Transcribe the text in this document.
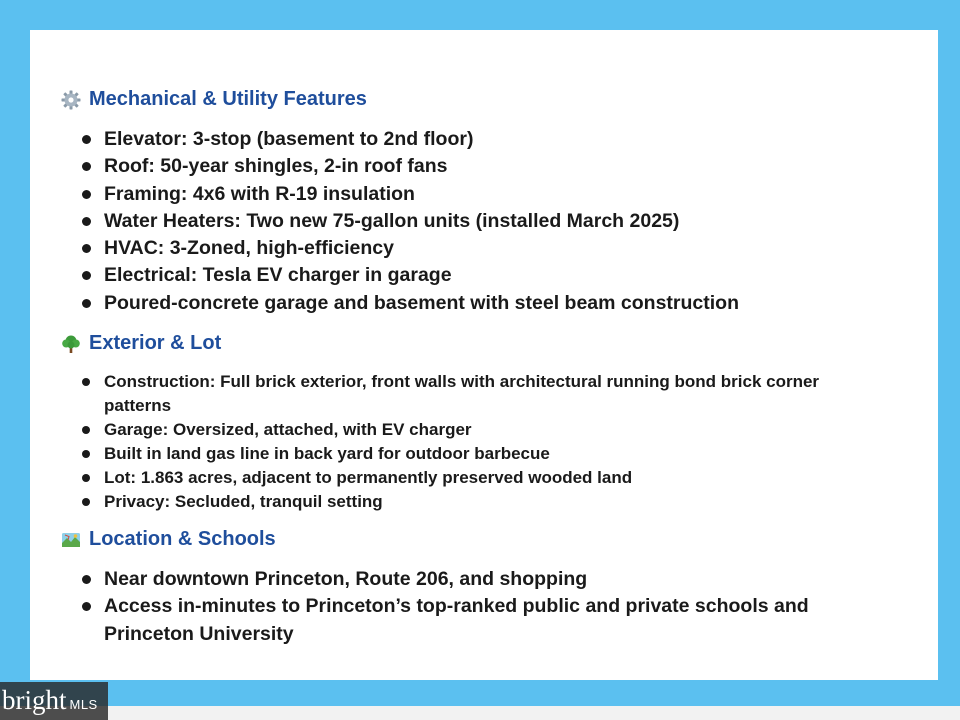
Mechanical & Utility Features
Elevator: 3-stop (basement to 2nd floor)
Roof: 50-year shingles, 2-in roof fans
Framing: 4x6 with R-19 insulation
Water Heaters: Two new 75-gallon units (installed March 2025)
HVAC: 3-Zoned, high-efficiency
Electrical: Tesla EV charger in garage
Poured-concrete garage and basement with steel beam construction
Exterior & Lot
Construction: Full brick exterior, front walls with architectural running bond brick corner patterns
Garage: Oversized, attached, with EV charger
Built in land gas line in back yard for outdoor barbecue
Lot: 1.863 acres, adjacent to permanently preserved wooded land
Privacy: Secluded, tranquil setting
Location & Schools
Near downtown Princeton, Route 206, and shopping
Access in-minutes to Princeton’s top-ranked public and private schools and Princeton University
bright MLS
